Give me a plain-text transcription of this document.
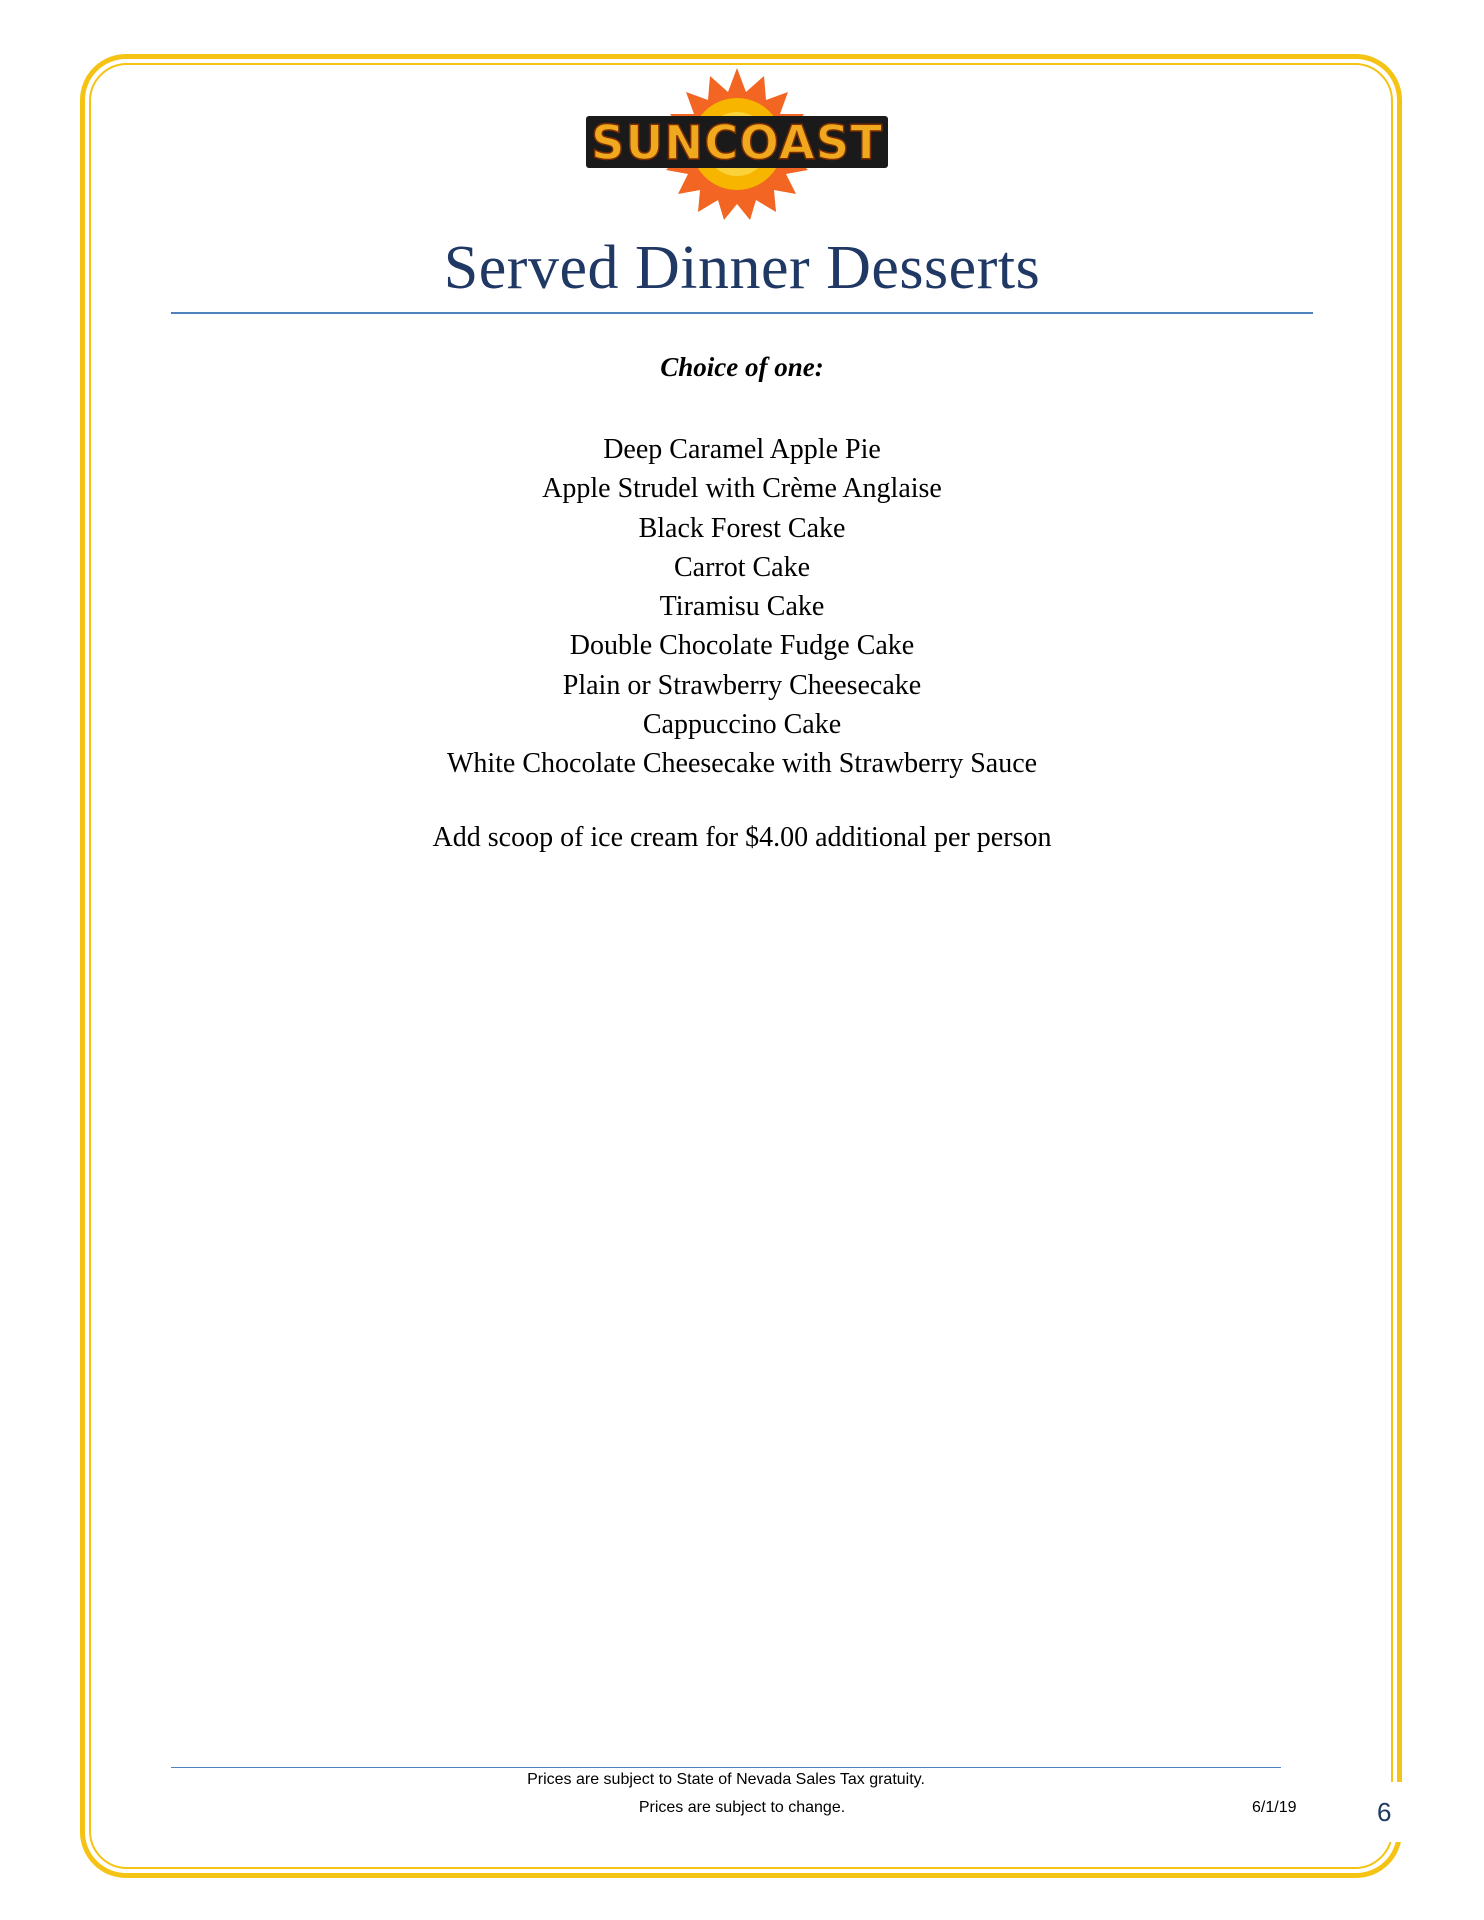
SUNCOAST
Served Dinner Desserts
Choice of one:
Deep Caramel Apple Pie
Apple Strudel with Crème Anglaise
Black Forest Cake
Carrot Cake
Tiramisu Cake
Double Chocolate Fudge Cake
Plain or Strawberry Cheesecake
Cappuccino Cake
White Chocolate Cheesecake with Strawberry Sauce
Add scoop of ice cream for $4.00 additional per person
Prices are subject to State of Nevada Sales Tax gratuity.
Prices are subject to change.	6/1/19	6
